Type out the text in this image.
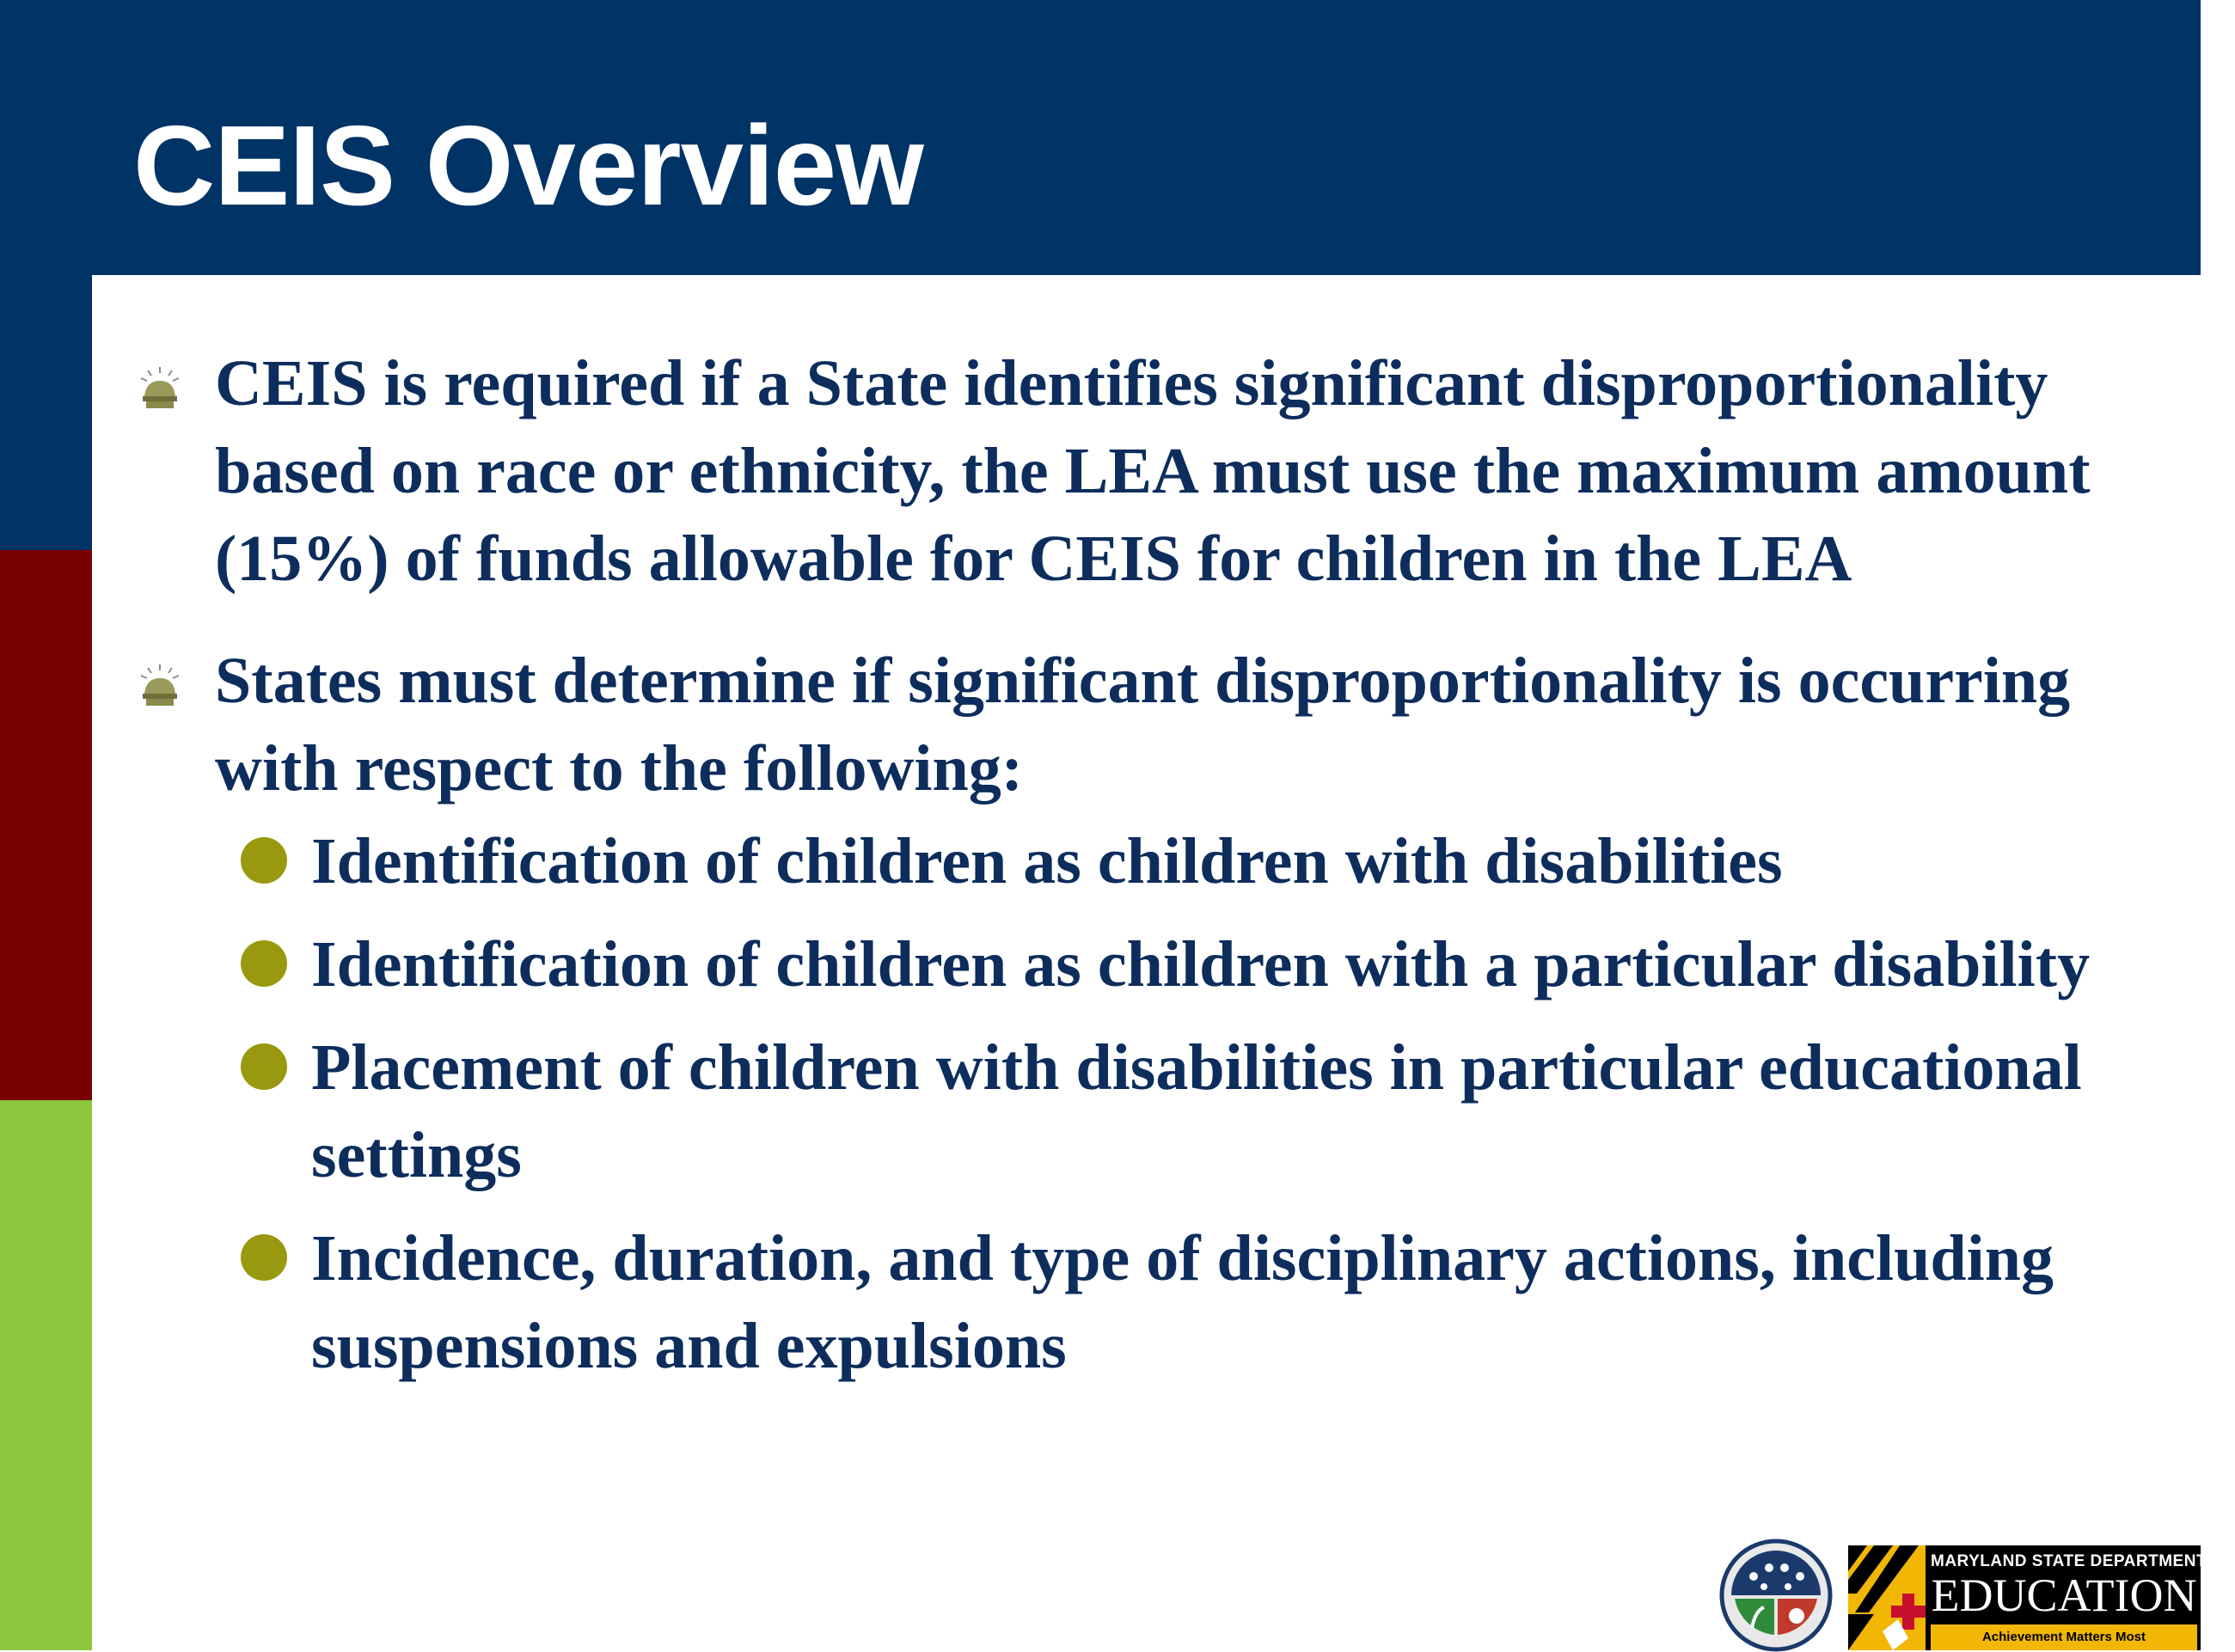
CEIS Overview
CEIS is required if a State identifies significant disproportionality based on race or ethnicity, the LEA must use the maximum amount (15%) of funds allowable for CEIS for children in the LEA
States must determine if significant disproportionality is occurring with respect to the following:
Identification of children as children with disabilities
Identification of children as children with a particular disability
Placement of children with disabilities in particular educational settings
Incidence, duration, and type of disciplinary actions, including suspensions and expulsions
MARYLAND STATE DEPARTMENT OF
EDUCATION
Achievement Matters Most
